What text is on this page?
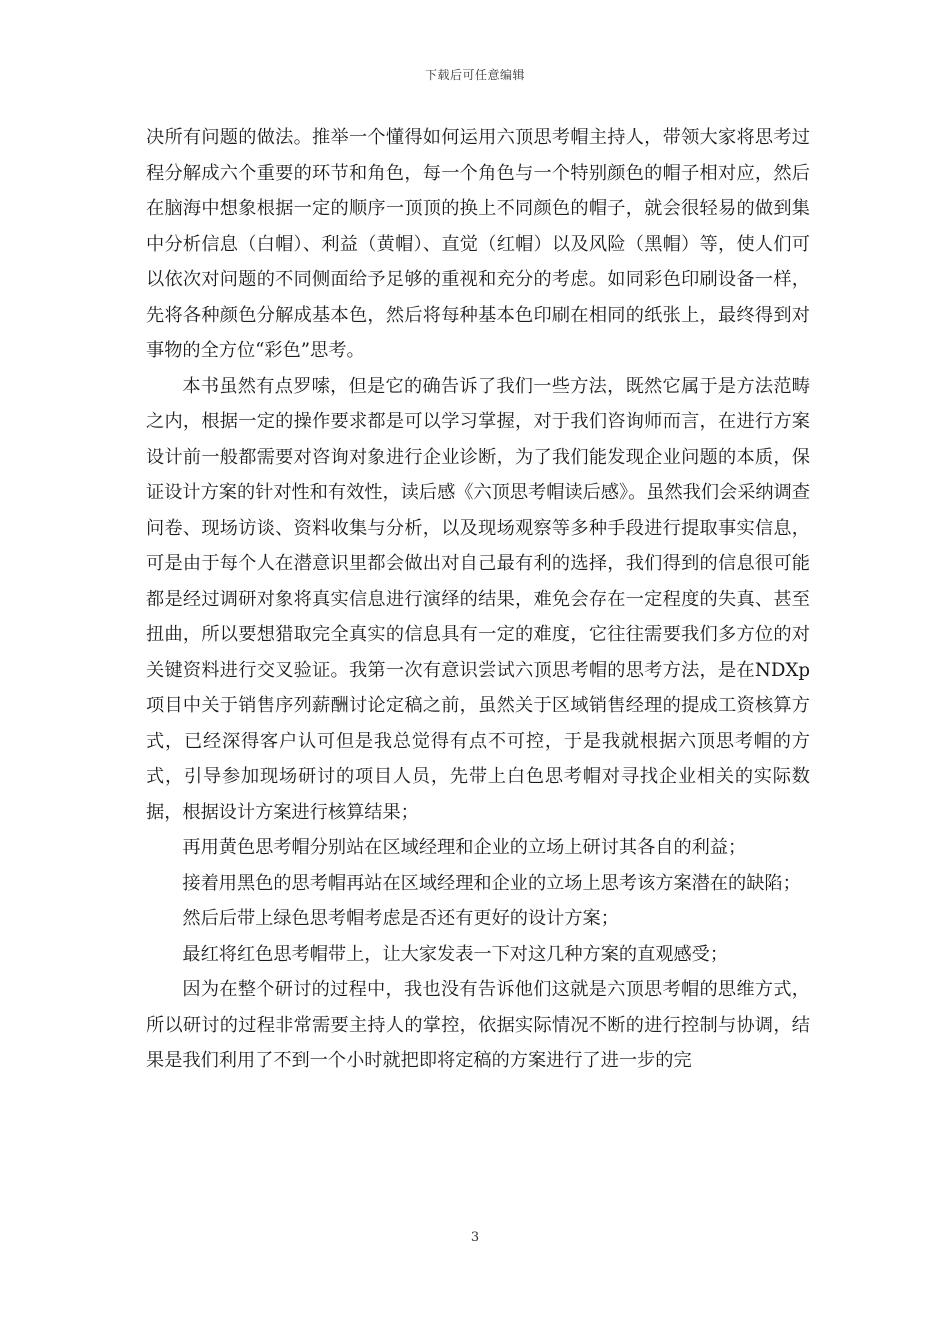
下载后可任意编辑

决所有问题的做法。推举一个懂得如何运用六顶思考帽主持人，带领大家将思考过程分解成六个重要的环节和角色，每一个角色与一个特别颜色的帽子相对应，然后在脑海中想象根据一定的顺序一顶顶的换上不同颜色的帽子，就会很轻易的做到集中分析信息（白帽）、利益（黄帽）、直觉（红帽）以及风险（黑帽）等，使人们可以依次对问题的不同侧面给予足够的重视和充分的考虑。如同彩色印刷设备一样，先将各种颜色分解成基本色，然后将每种基本色印刷在相同的纸张上，最终得到对事物的全方位“彩色”思考。

本书虽然有点罗嗦，但是它的确告诉了我们一些方法，既然它属于是方法范畴之内，根据一定的操作要求都是可以学习掌握，对于我们咨询师而言，在进行方案设计前一般都需要对咨询对象进行企业诊断，为了我们能发现企业问题的本质，保证设计方案的针对性和有效性，读后感《六顶思考帽读后感》。虽然我们会采纳调查问卷、现场访谈、资料收集与分析，以及现场观察等多种手段进行提取事实信息，可是由于每个人在潜意识里都会做出对自己最有利的选择，我们得到的信息很可能都是经过调研对象将真实信息进行演绎的结果，难免会存在一定程度的失真、甚至扭曲，所以要想猎取完全真实的信息具有一定的难度，它往往需要我们多方位的对关键资料进行交叉验证。我第一次有意识尝试六顶思考帽的思考方法，是在NDXp项目中关于销售序列薪酬讨论定稿之前，虽然关于区域销售经理的提成工资核算方式，已经深得客户认可但是我总觉得有点不可控，于是我就根据六顶思考帽的方式，引导参加现场研讨的项目人员，先带上白色思考帽对寻找企业相关的实际数据，根据设计方案进行核算结果；

再用黄色思考帽分别站在区域经理和企业的立场上研讨其各自的利益；

接着用黑色的思考帽再站在区域经理和企业的立场上思考该方案潜在的缺陷；

然后后带上绿色思考帽考虑是否还有更好的设计方案；

最红将红色思考帽带上，让大家发表一下对这几种方案的直观感受；

因为在整个研讨的过程中，我也没有告诉他们这就是六顶思考帽的思维方式，所以研讨的过程非常需要主持人的掌控，依据实际情况不断的进行控制与协调，结果是我们利用了不到一个小时就把即将定稿的方案进行了进一步的完

3
